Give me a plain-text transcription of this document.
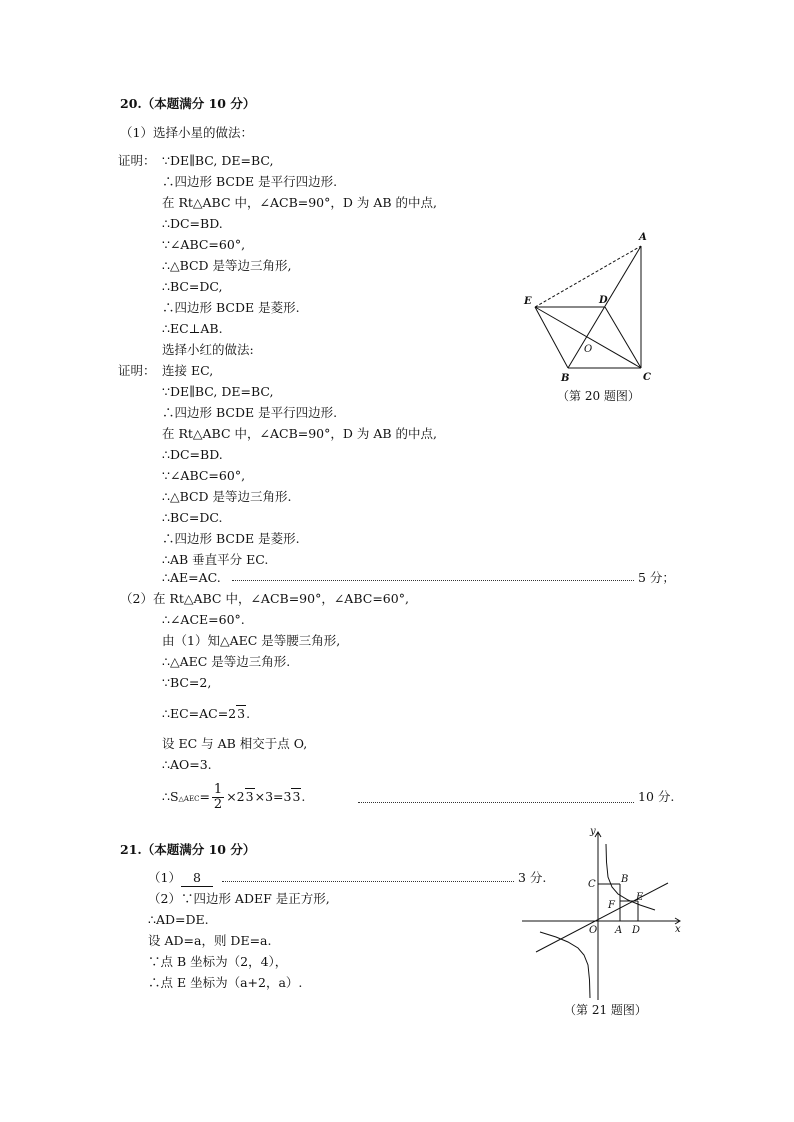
20.（本题满分 10 分）
（1）选择小星的做法：
证明： ∵DE∥BC, DE=BC,
∴四边形 BCDE 是平行四边形.
在 Rt△ABC 中，∠ACB=90°，D 为 AB 的中点,
∴DC=BD.
∵∠ABC=60°,
∴△BCD 是等边三角形,
∴BC=DC,
∴四边形 BCDE 是菱形.
∴EC⊥AB.
选择小红的做法:
证明： 连接 EC,
∵DE∥BC, DE=BC,
∴四边形 BCDE 是平行四边形.
在 Rt△ABC 中，∠ACB=90°，D 为 AB 的中点,
∴DC=BD.
∵∠ABC=60°,
∴△BCD 是等边三角形.
∴BC=DC.
∴四边形 BCDE 是菱形.
∴AB 垂直平分 EC.
∴AE=AC.	5 分；
（2）在 Rt△ABC 中，∠ACB=90°，∠ABC=60°,
∴∠ACE=60°.
由（1）知△AEC 是等腰三角形,
∴△AEC 是等边三角形.
∵BC=2,
∴EC=AC=23.
设 EC 与 AB 相交于点 O,
∴AO=3.
∴S△AEC= $\frac{1}{2} \times 23\times 3=33$.	10 分.
A
B	C
D
E
O
（第 20 题图）
21.（本题满分 10 分）
（1） 8	3 分.
（2）∵四边形 ADEF 是正方形,
∴AD=DE.
设 AD=a，则 DE=a.
∵点 B 坐标为（2，4），
∴点 E 坐标为（a+2，a）.
y
x
O A D
B
C
E
F
（第 21 题图）
